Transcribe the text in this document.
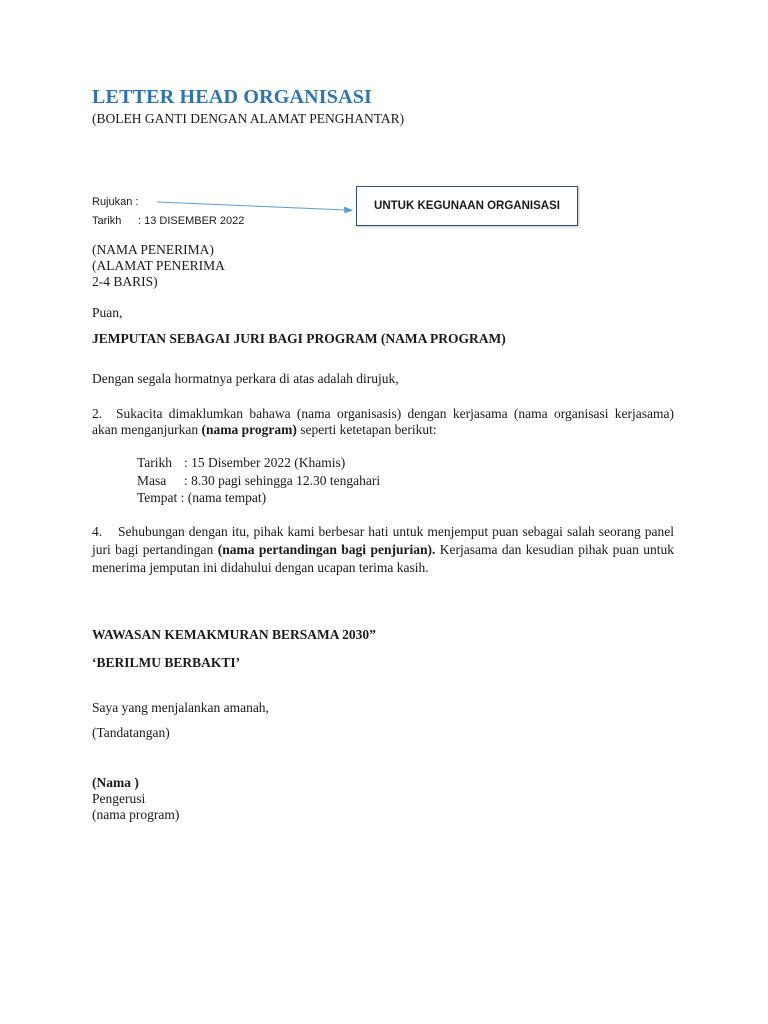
LETTER HEAD ORGANISASI
(BOLEH GANTI DENGAN ALAMAT PENGHANTAR)
Rujukan :
Tarikh : 13 DISEMBER 2022
UNTUK KEGUNAAN ORGANISASI
(NAMA PENERIMA)
(ALAMAT PENERIMA
2-4 BARIS)
Puan,
JEMPUTAN SEBAGAI JURI BAGI PROGRAM (NAMA PROGRAM)
Dengan segala hormatnya perkara di atas adalah dirujuk,
2. Sukacita dimaklumkan bahawa (nama organisasis) dengan kerjasama (nama organisasi kerjasama) akan menganjurkan (nama program) seperti ketetapan berikut:
Tarikh : 15 Disember 2022 (Khamis)
Masa : 8.30 pagi sehingga 12.30 tengahari
Tempat : (nama tempat)
4. Sehubungan dengan itu, pihak kami berbesar hati untuk menjemput puan sebagai salah seorang panel juri bagi pertandingan (nama pertandingan bagi penjurian). Kerjasama dan kesudian pihak puan untuk menerima jemputan ini didahului dengan ucapan terima kasih.
WAWASAN KEMAKMURAN BERSAMA 2030”
‘BERILMU BERBAKTI’
Saya yang menjalankan amanah,
(Tandatangan)
(Nama )
Pengerusi
(nama program)
